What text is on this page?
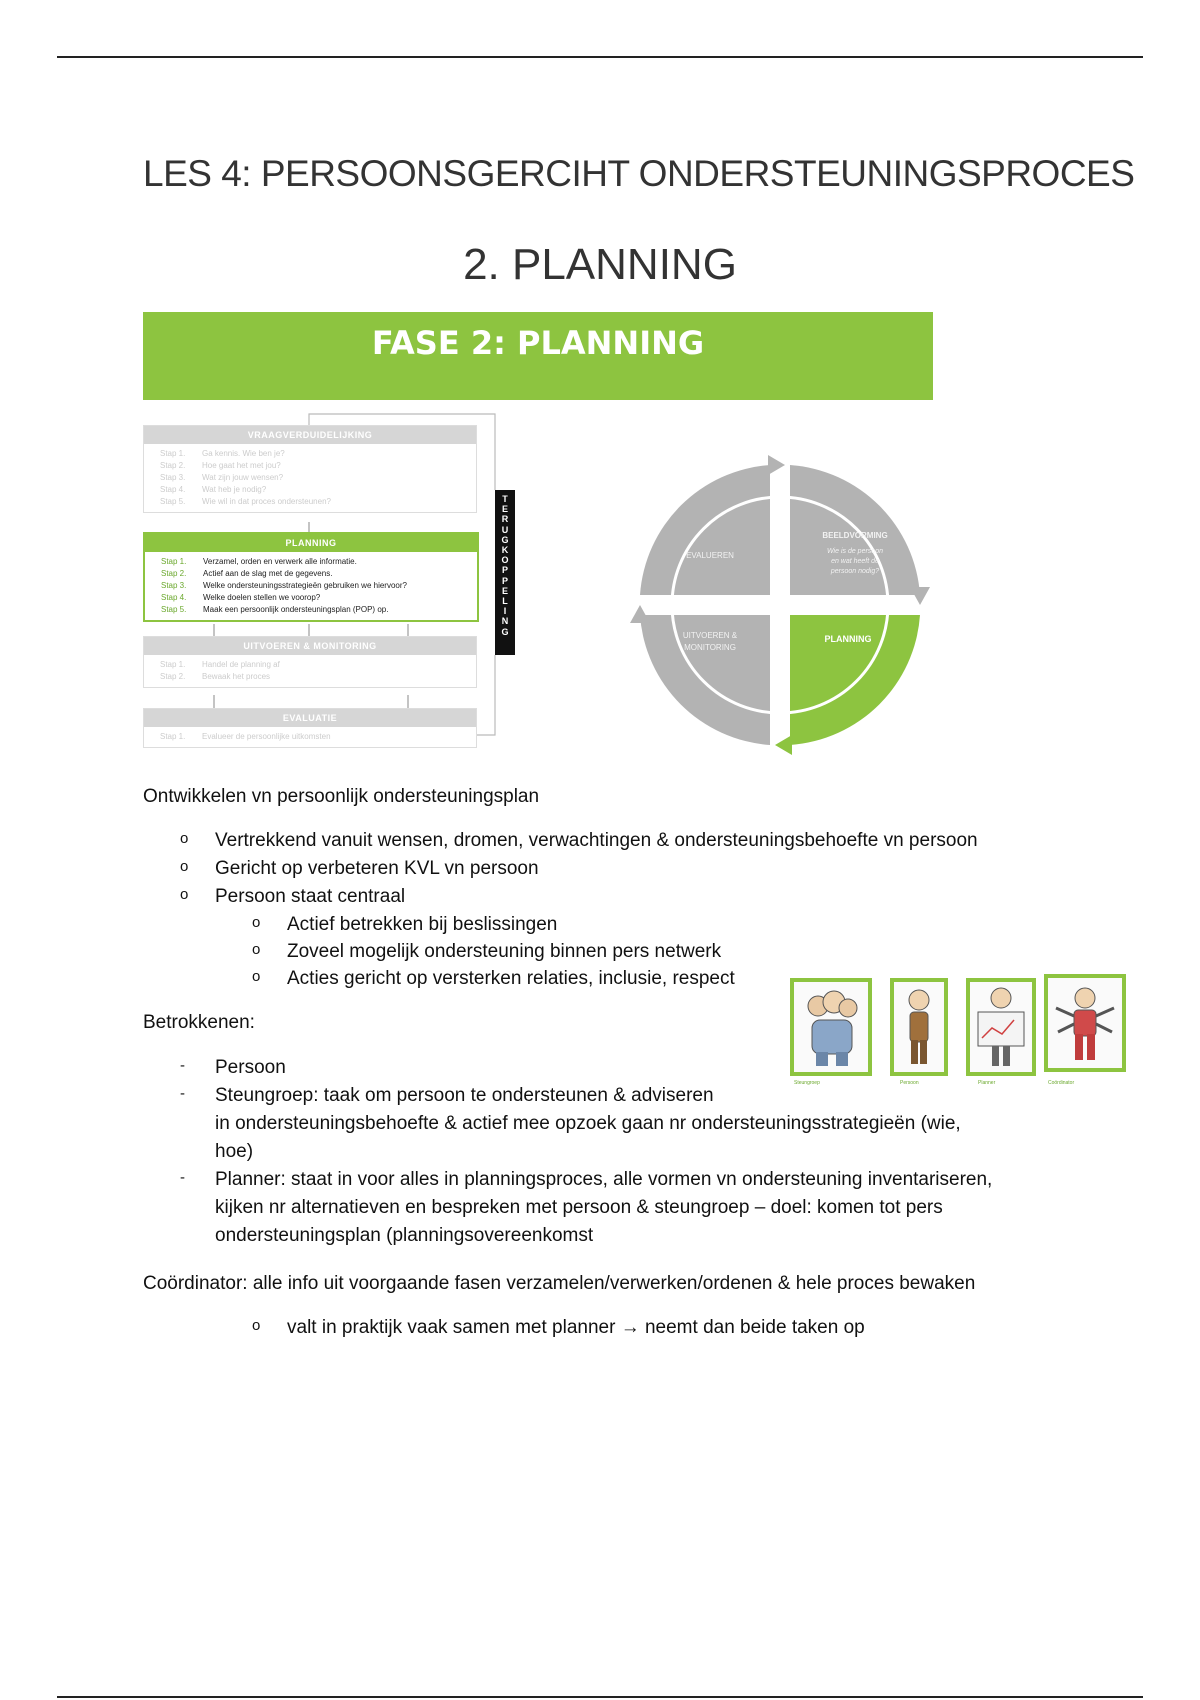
LES 4: PERSOONSGERCIHT ONDERSTEUNINGSPROCES
2. PLANNING
FASE 2: PLANNING
VRAAGVERDUIDELIJKING
Stap 1. Ga kennis. Wie ben je?
Stap 2. Hoe gaat het met jou?
Stap 3. Wat zijn jouw wensen?
Stap 4. Wat heb je nodig?
Stap 5. Wie wil in dat proces ondersteunen?
PLANNING
Stap 1. Verzamel, orden en verwerk alle informatie.
Stap 2. Actief aan de slag met de gegevens.
Stap 3. Welke ondersteuningsstrategieën gebruiken we hiervoor?
Stap 4. Welke doelen stellen we voorop?
Stap 5. Maak een persoonlijk ondersteuningsplan (POP) op.
UITVOEREN & MONITORING
Stap 1. Handel de planning af
Stap 2. Bewaak het proces
EVALUATIE
Stap 1. Evalueer de persoonlijke uitkomsten
T
E
R
U
G
K
O
P
P
E
L
I
N
G
EVALUEREN
BEELDVORMING
Wie is de persoon
en wat heeft de
persoon nodig?
PLANNING
UITVOEREN &
MONITORING
Ontwikkelen vn persoonlijk ondersteuningsplan
o Vertrekkend vanuit wensen, dromen, verwachtingen & ondersteuningsbehoefte vn persoon
o Gericht op verbeteren KVL vn persoon
o Persoon staat centraal
o Actief betrekken bij beslissingen
o Zoveel mogelijk ondersteuning binnen pers netwerk
o Acties gericht op versterken relaties, inclusie, respect
Betrokkenen:
- Persoon
- Steungroep: taak om persoon te ondersteunen & adviseren
in ondersteuningsbehoefte & actief mee opzoek gaan nr ondersteuningsstrategieën (wie,
hoe)
- Planner: staat in voor alles in planningsproces, alle vormen vn ondersteuning inventariseren,
kijken nr alternatieven en bespreken met persoon & steungroep – doel: komen tot pers
ondersteuningsplan (planningsovereenkomst
Coördinator: alle info uit voorgaande fasen verzamelen/verwerken/ordenen & hele proces bewaken
o valt in praktijk vaak samen met planner → neemt dan beide taken op
Steungroep	Persoon	Planner	Coördinator
